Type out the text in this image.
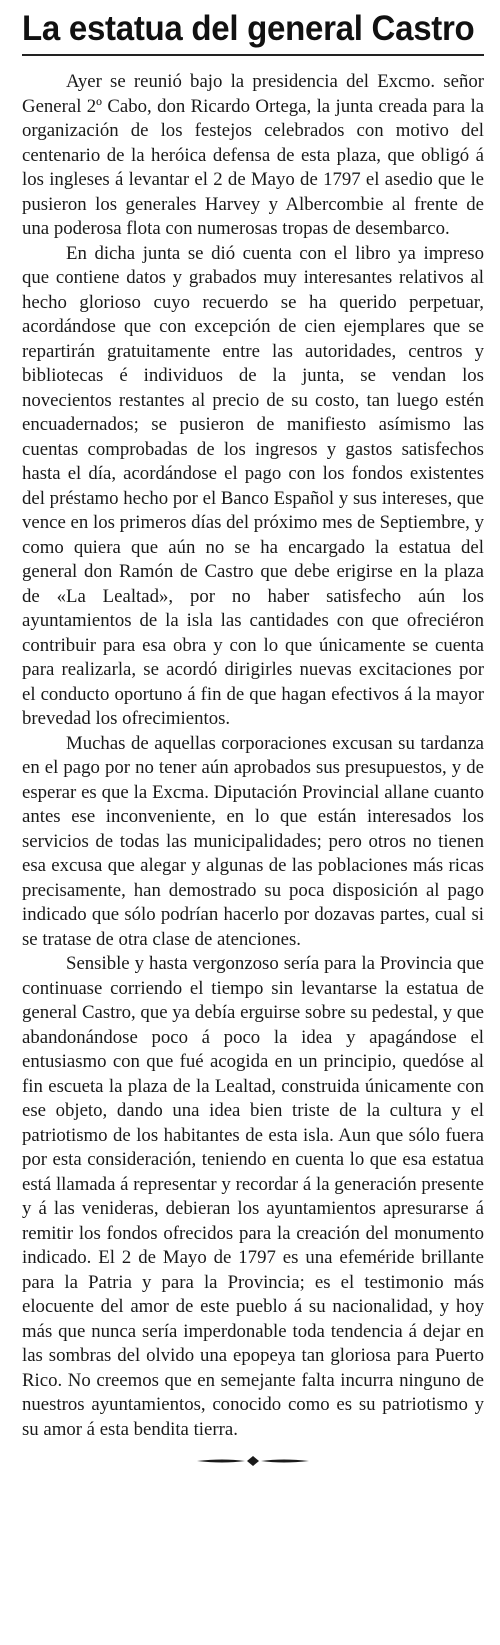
La estatua del general Castro

Ayer se reunió bajo la presidencia del Excmo. señor General 2º Cabo, don Ricardo Ortega, la junta creada para la organización de los festejos celebrados con motivo del centenario de la heróica defensa de esta plaza, que obligó á los ingleses á levantar el 2 de Mayo de 1797 el asedio que le pusieron los generales Harvey y Albercombie al frente de una poderosa flota con numerosas tropas de desembarco.

En dicha junta se dió cuenta con el libro ya impreso que contiene datos y grabados muy interesantes relativos al hecho glorioso cuyo recuerdo se ha querido perpetuar, acordándose que con excepción de cien ejemplares que se repartirán gratuitamente entre las autoridades, centros y bibliotecas é individuos de la junta, se vendan los novecientos restantes al precio de su costo, tan luego estén encuadernados; se pusieron de manifiesto asímismo las cuentas comprobadas de los ingresos y gastos satisfechos hasta el día, acordándose el pago con los fondos existentes del préstamo hecho por el Banco Español y sus intereses, que vence en los primeros días del próximo mes de Septiembre, y como quiera que aún no se ha encargado la estatua del general don Ramón de Castro que debe erigirse en la plaza de «La Lealtad», por no haber satisfecho aún los ayuntamientos de la isla las cantidades con que ofreciéron contribuir para esa obra y con lo que únicamente se cuenta para realizarla, se acordó dirigirles nuevas excitaciones por el conducto oportuno á fin de que hagan efectivos á la mayor brevedad los ofrecimientos.

Muchas de aquellas corporaciones excusan su tardanza en el pago por no tener aún aprobados sus presupuestos, y de esperar es que la Excma. Diputación Provincial allane cuanto antes ese inconveniente, en lo que están interesados los servicios de todas las municipalidades; pero otros no tienen esa excusa que alegar y algunas de las poblaciones más ricas precisamente, han demostrado su poca disposición al pago indicado que sólo podrían hacerlo por dozavas partes, cual si se tratase de otra clase de atenciones.

Sensible y hasta vergonzoso sería para la Provincia que continuase corriendo el tiempo sin levantarse la estatua de general Castro, que ya debía erguirse sobre su pedestal, y que abandonándose poco á poco la idea y apagándose el entusiasmo con que fué acogida en un principio, quedóse al fin escueta la plaza de la Lealtad, construida únicamente con ese objeto, dando una idea bien triste de la cultura y el patriotismo de los habitantes de esta isla. Aun que sólo fuera por esta consideración, teniendo en cuenta lo que esa estatua está llamada á representar y recordar á la generación presente y á las venideras, debieran los ayuntamientos apresurarse á remitir los fondos ofrecidos para la creación del monumento indicado. El 2 de Mayo de 1797 es una efeméride brillante para la Patria y para la Provincia; es el testimonio más elocuente del amor de este pueblo á su nacionalidad, y hoy más que nunca sería imperdonable toda tendencia á dejar en las sombras del olvido una epopeya tan gloriosa para Puerto Rico. No creemos que en semejante falta incurra ninguno de nuestros ayuntamientos, conocido como es su patriotismo y su amor á esta bendita tierra.
